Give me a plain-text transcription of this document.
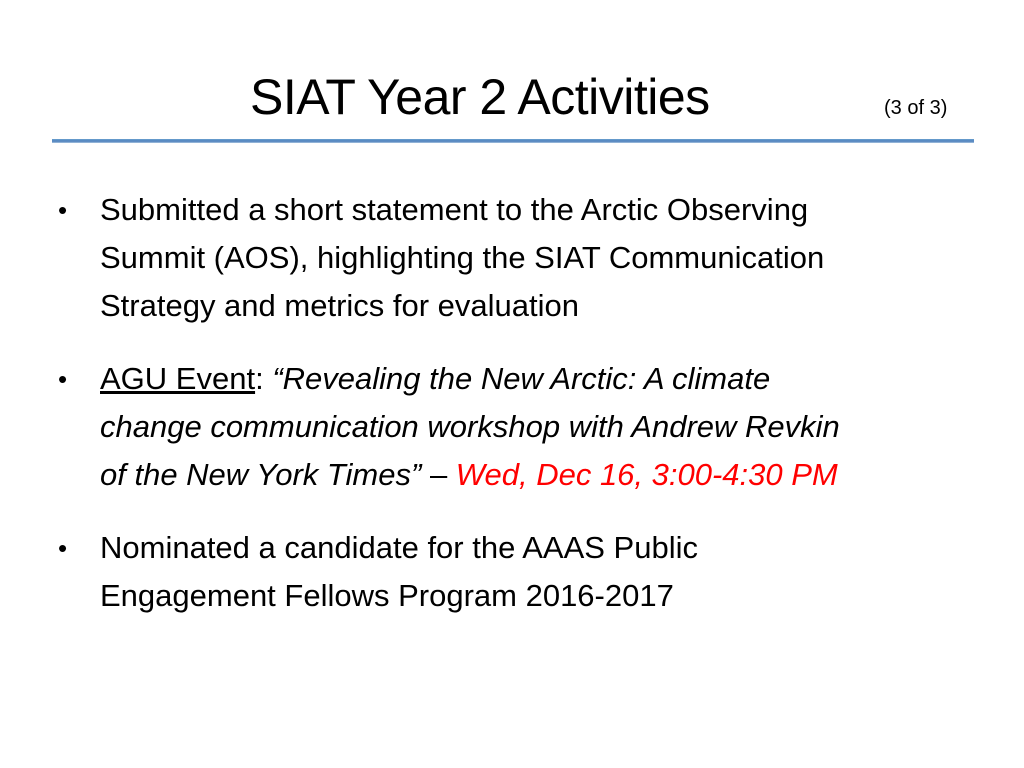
SIAT Year 2 Activities	(3 of 3)
• Submitted a short statement to the Arctic Observing
Summit (AOS), highlighting the SIAT Communication
Strategy and metrics for evaluation
• AGU Event: “Revealing the New Arctic: A climate
change communication workshop with Andrew Revkin
of the New York Times” – Wed, Dec 16, 3:00-4:30 PM
• Nominated a candidate for the AAAS Public
Engagement Fellows Program 2016-2017
